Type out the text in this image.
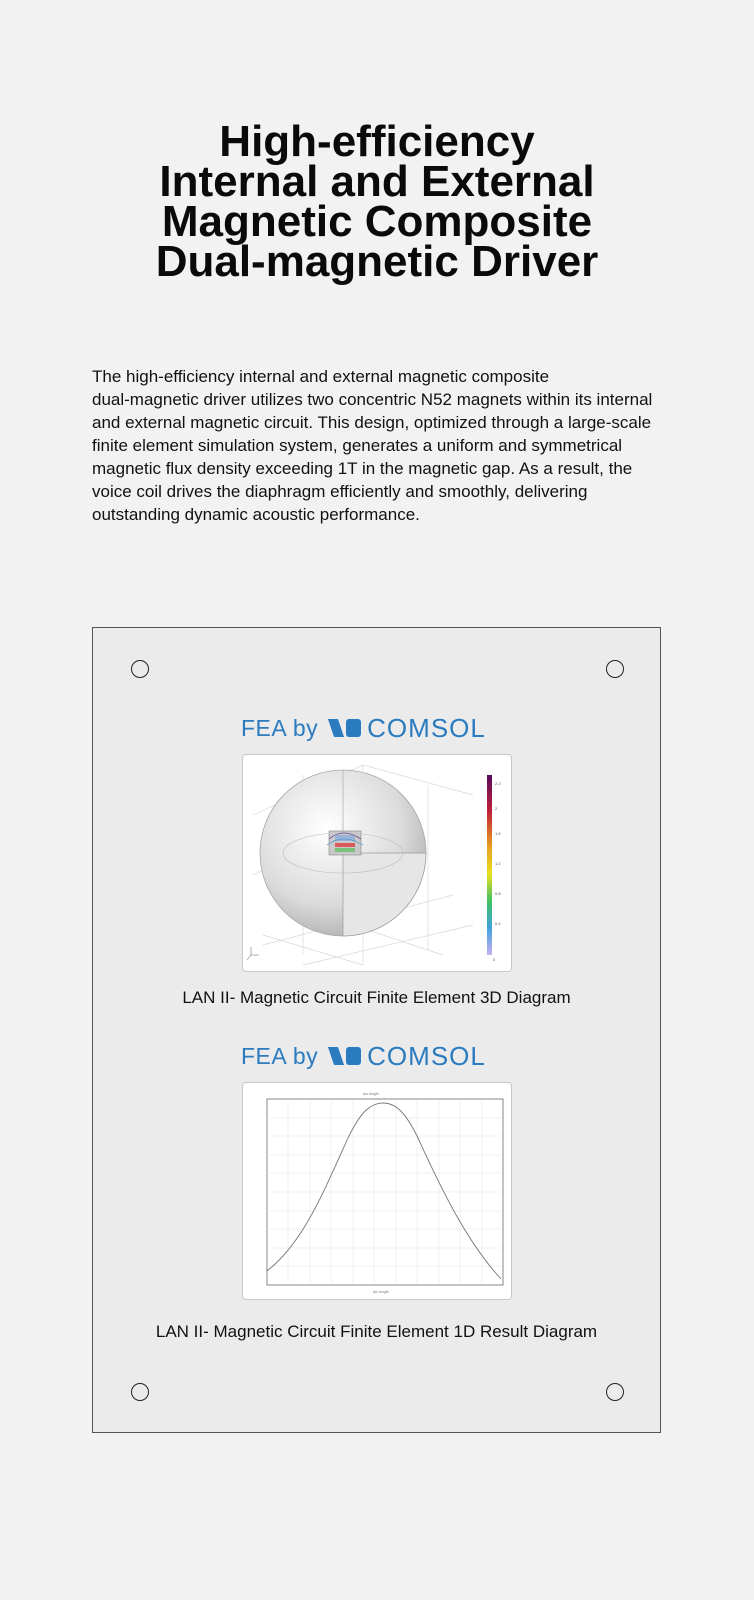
High-efficiency
Internal and External
Magnetic Composite
Dual-magnetic Driver

The high-efficiency internal and external magnetic composite
dual-magnetic driver utilizes two concentric N52 magnets within its internal
and external magnetic circuit. This design, optimized through a large-scale
finite element simulation system, generates a uniform and symmetrical
magnetic flux density exceeding 1T in the magnetic gap. As a result, the
voice coil drives the diaphragm efficiently and smoothly, delivering
outstanding dynamic acoustic performance.

FEA by COMSOL
2.2
2
1.6
1.2
0.8
0.4
0
LAN II- Magnetic Circuit Finite Element 3D Diagram
FEA by COMSOL
Arc length
Arc length
LAN II- Magnetic Circuit Finite Element 1D Result Diagram
